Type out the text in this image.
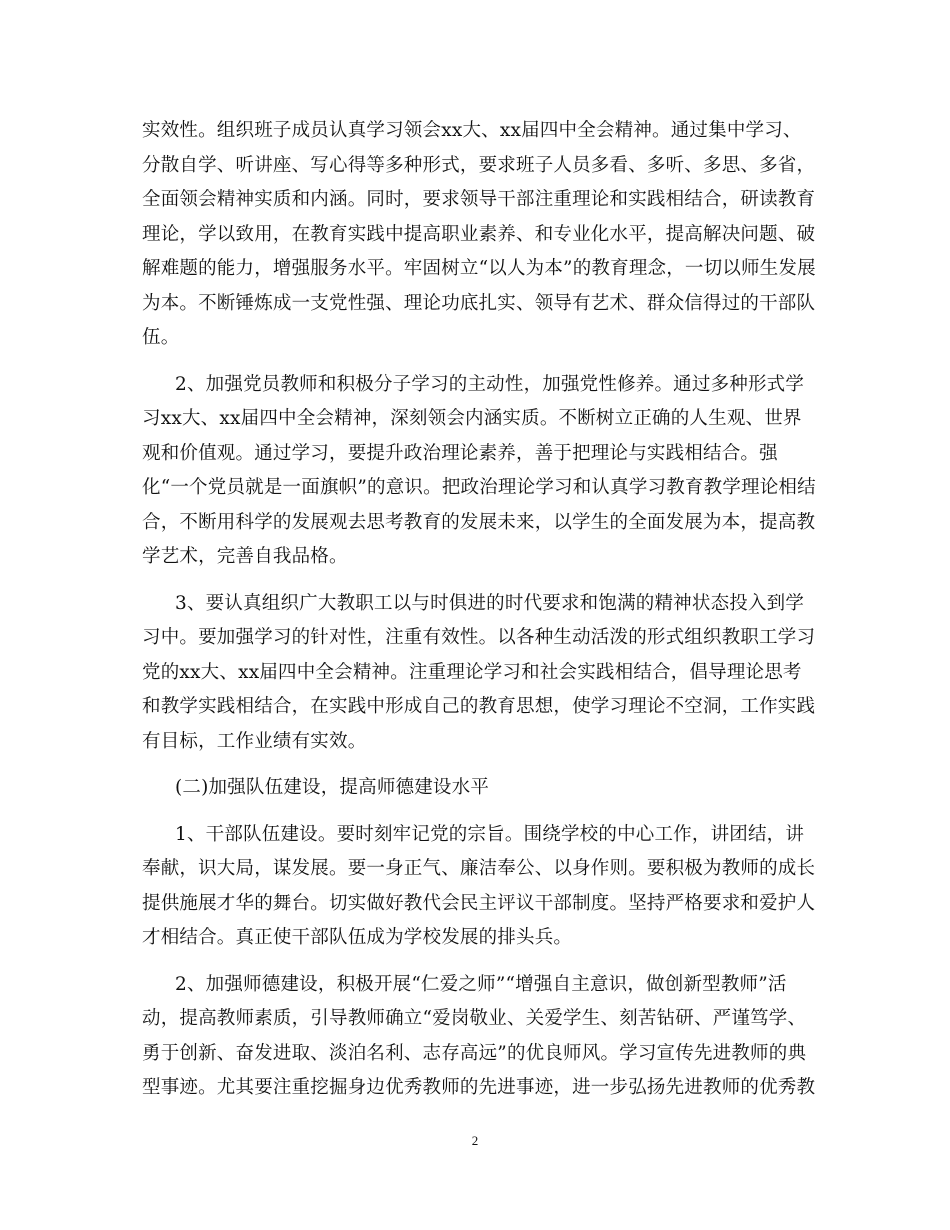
实效性。组织班子成员认真学习领会xx大、xx届四中全会精神。通过集中学习、
分散自学、听讲座、写心得等多种形式，要求班子人员多看、多听、多思、多省，
全面领会精神实质和内涵。同时，要求领导干部注重理论和实践相结合，研读教育
理论，学以致用，在教育实践中提高职业素养、和专业化水平，提高解决问题、破
解难题的能力，增强服务水平。牢固树立“以人为本”的教育理念，一切以师生发展
为本。不断锤炼成一支党性强、理论功底扎实、领导有艺术、群众信得过的干部队
伍。

2、加强党员教师和积极分子学习的主动性，加强党性修养。通过多种形式学
习xx大、xx届四中全会精神，深刻领会内涵实质。不断树立正确的人生观、世界
观和价值观。通过学习，要提升政治理论素养，善于把理论与实践相结合。强
化“一个党员就是一面旗帜”的意识。把政治理论学习和认真学习教育教学理论相结
合，不断用科学的发展观去思考教育的发展未来，以学生的全面发展为本，提高教
学艺术，完善自我品格。

3、要认真组织广大教职工以与时俱进的时代要求和饱满的精神状态投入到学
习中。要加强学习的针对性，注重有效性。以各种生动活泼的形式组织教职工学习
党的xx大、xx届四中全会精神。注重理论学习和社会实践相结合，倡导理论思考
和教学实践相结合，在实践中形成自己的教育思想，使学习理论不空洞，工作实践
有目标，工作业绩有实效。

(二)加强队伍建设，提高师德建设水平

1、干部队伍建设。要时刻牢记党的宗旨。围绕学校的中心工作，讲团结，讲
奉献，识大局，谋发展。要一身正气、廉洁奉公、以身作则。要积极为教师的成长
提供施展才华的舞台。切实做好教代会民主评议干部制度。坚持严格要求和爱护人
才相结合。真正使干部队伍成为学校发展的排头兵。

2、加强师德建设，积极开展“仁爱之师”“增强自主意识，做创新型教师”活
动，提高教师素质，引导教师确立“爱岗敬业、关爱学生、刻苦钻研、严谨笃学、
勇于创新、奋发进取、淡泊名利、志存高远”的优良师风。学习宣传先进教师的典
型事迹。尤其要注重挖掘身边优秀教师的先进事迹，进一步弘扬先进教师的优秀教

2
